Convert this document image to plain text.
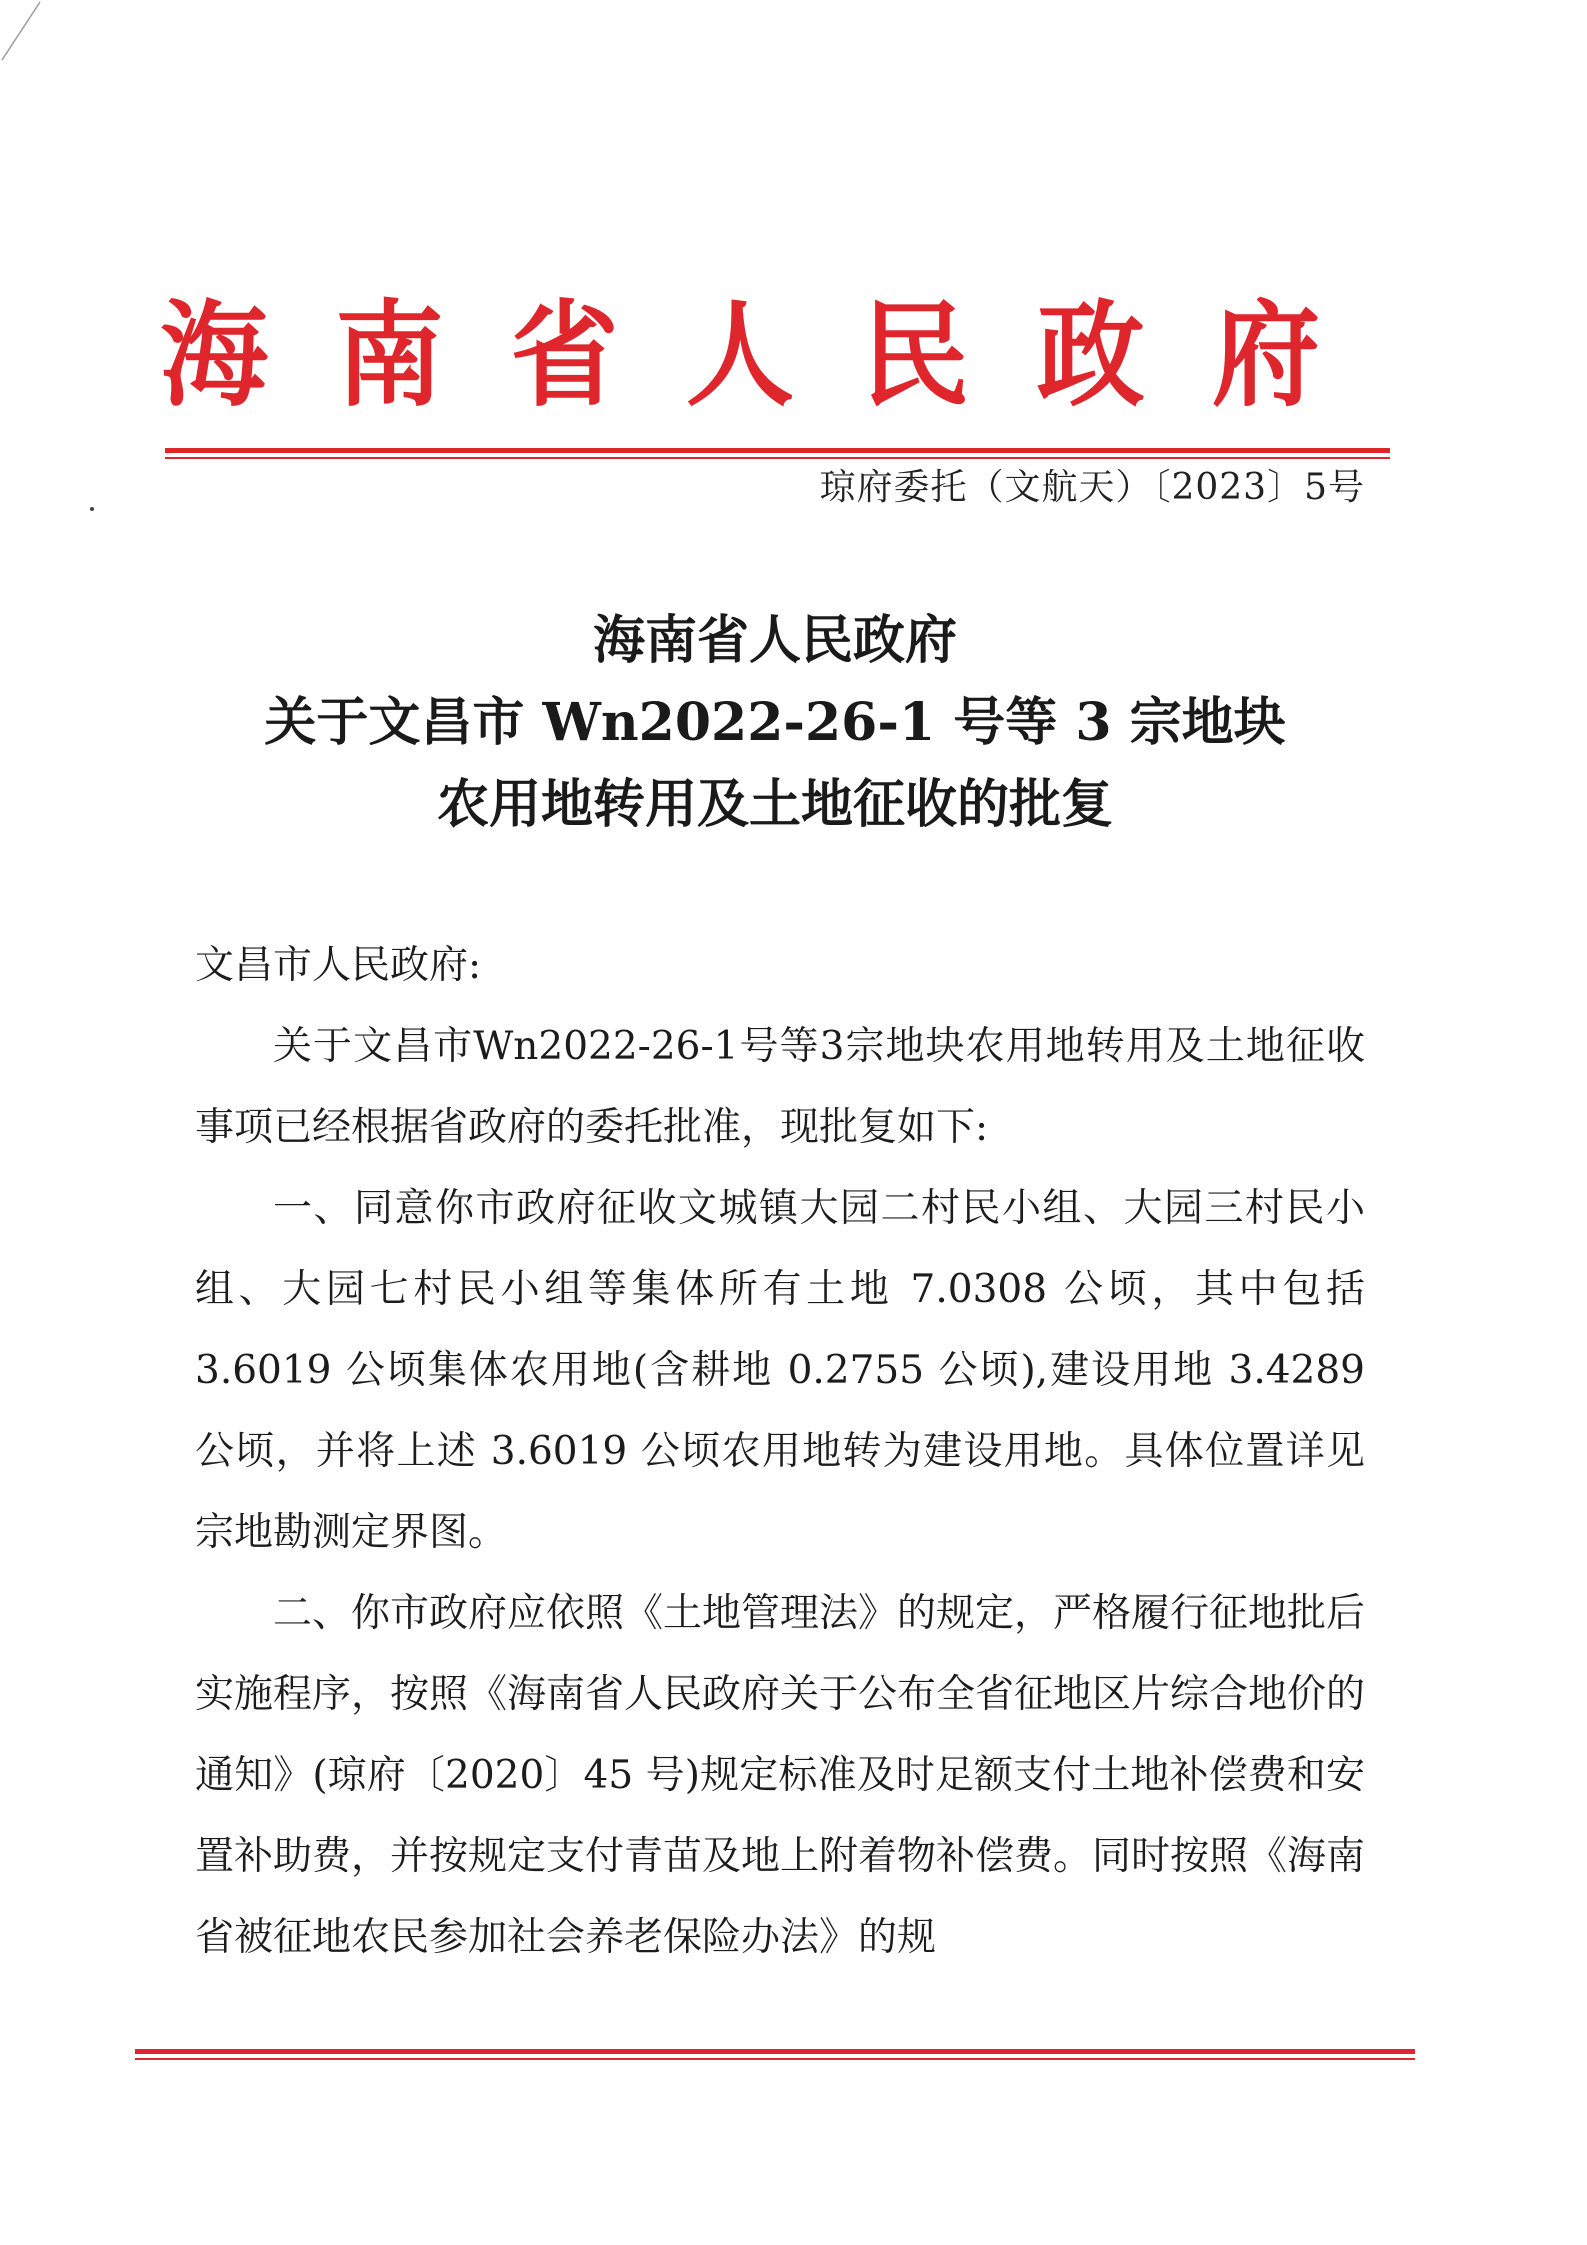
海 南 省 人 民 政 府
琼府委托（文航天）〔2023〕5号
海南省人民政府
关于文昌市 Wn2022-26-1 号等 3 宗地块
农用地转用及土地征收的批复

文昌市人民政府:

关于文昌市Wn2022-26-1号等3宗地块农用地转用及土地征收事项已经根据省政府的委托批准，现批复如下:

一、同意你市政府征收文城镇大园二村民小组、大园三村民小组、大园七村民小组等集体所有土地 7.0308 公顷，其中包括 3.6019 公顷集体农用地(含耕地 0.2755 公顷),建设用地 3.4289 公顷，并将上述 3.6019 公顷农用地转为建设用地。具体位置详见宗地勘测定界图。

二、你市政府应依照《土地管理法》的规定，严格履行征地批后实施程序，按照《海南省人民政府关于公布全省征地区片综合地价的通知》(琼府〔2020〕45 号)规定标准及时足额支付土地补偿费和安置补助费，并按规定支付青苗及地上附着物补偿费。同时按照《海南省被征地农民参加社会养老保险办法》的规
